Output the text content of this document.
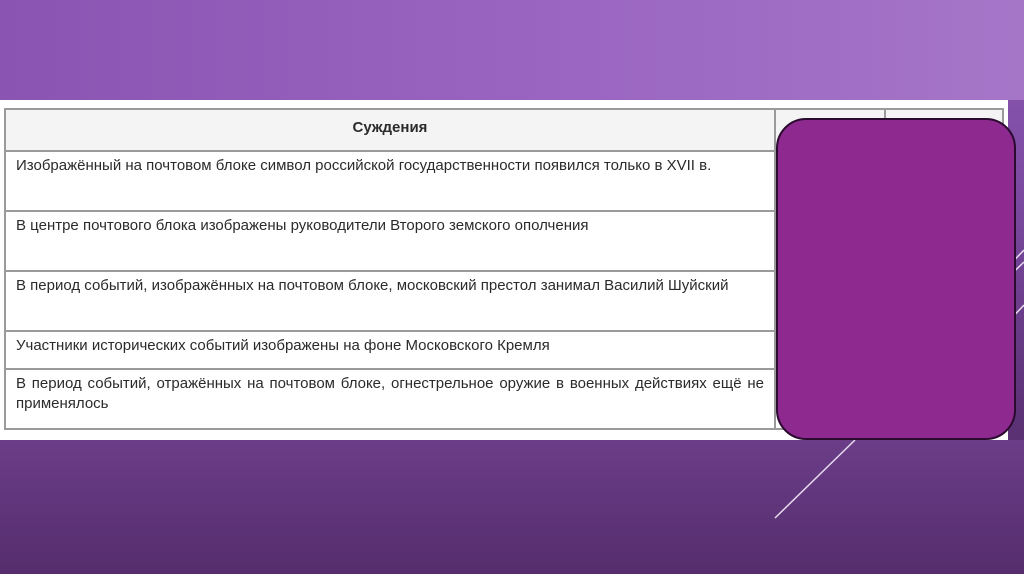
Суждения		
Изображённый на почтовом блоке символ российской государственности появился только в XVII в.		
В центре почтового блока изображены руководители Второго земского ополчения		
В период событий, изображённых на почтовом блоке, московский престол занимал Василий Шуйский		
Участники исторических событий изображены на фоне Московского Кремля		
В период событий, отражённых на почтовом блоке, огнестрельное оружие в военных действиях ещё не применялось		
